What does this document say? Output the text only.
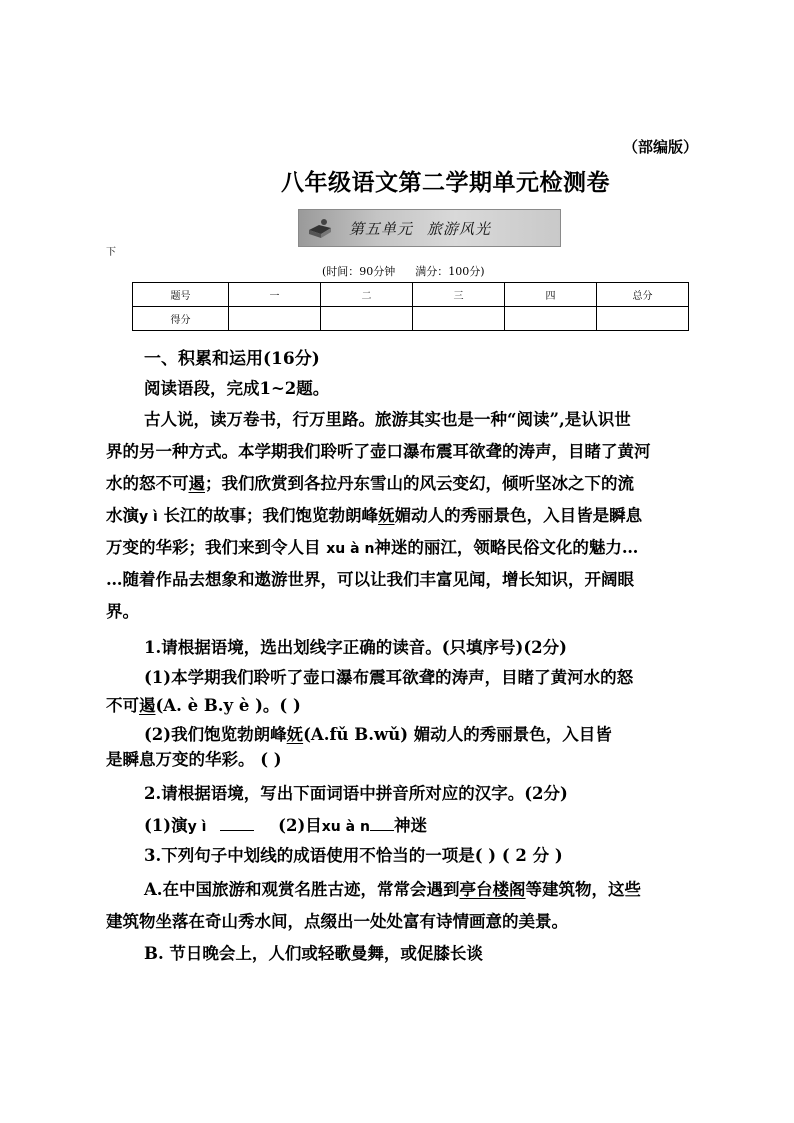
（部编版）
八年级语文第二学期单元检测卷
第五单元 旅游风光
下
(时间：90分钟 满分：100分)
题号	一	二	三	四	总分
得分					
一、积累和运用(16分)
阅读语段，完成1~2题。
古人说，读万卷书，行万里路。旅游其实也是一种“阅读”,是认识世
界的另一种方式。本学期我们聆听了壶口瀑布震耳欲聋的涛声，目睹了黄河
水的怒不可遏；我们欣赏到各拉丹东雪山的风云变幻，倾听坚冰之下的流
水演y ì 长江的故事；我们饱览勃朗峰妩媚动人的秀丽景色，入目皆是瞬息
万变的华彩；我们来到令人目 xu à n神迷的丽江，领略民俗文化的魅力…
…随着作品去想象和遨游世界，可以让我们丰富见闻，增长知识，开阔眼
界。
1.请根据语境，选出划线字正确的读音。(只填序号)(2分)
(1)本学期我们聆听了壶口瀑布震耳欲聋的涛声，目睹了黄河水的怒
不可遏(A. è B.y è )。( )
(2)我们饱览勃朗峰妩(A.fǔ B.wǔ) 媚动人的秀丽景色，入目皆
是瞬息万变的华彩。 ( )
2.请根据语境，写出下面词语中拼音所对应的汉字。(2分)
(1)演y ì	(2)目xu à n 神迷
3.下列句子中划线的成语使用不恰当的一项是( ) ( 2 分 )
A.在中国旅游和观赏名胜古迹，常常会遇到亭台楼阁等建筑物，这些
建筑物坐落在奇山秀水间，点缀出一处处富有诗情画意的美景。
B. 节日晚会上，人们或轻歌曼舞，或促膝长谈
